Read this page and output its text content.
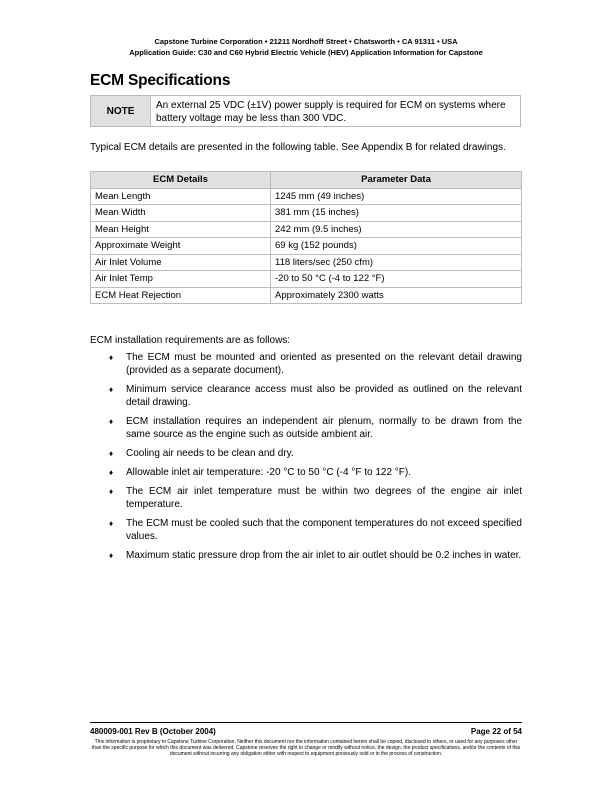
Capstone Turbine Corporation • 21211 Nordhoff Street • Chatsworth • CA 91311 • USA
Application Guide: C30 and C60 Hybrid Electric Vehicle (HEV) Application Information for Capstone
ECM Specifications
NOTE	An external 25 VDC (±1V) power supply is required for ECM on systems where battery voltage may be less than 300 VDC.
Typical ECM details are presented in the following table. See Appendix B for related drawings.
ECM Details	Parameter Data
Mean Length	1245 mm (49 inches)
Mean Width	381 mm (15 inches)
Mean Height	242 mm (9.5 inches)
Approximate Weight	69 kg (152 pounds)
Air Inlet Volume	118 liters/sec (250 cfm)
Air Inlet Temp	-20 to 50 °C (-4 to 122 °F)
ECM Heat Rejection	Approximately 2300 watts
ECM installation requirements are as follows:
♦ The ECM must be mounted and oriented as presented on the relevant detail drawing (provided as a separate document).
♦ Minimum service clearance access must also be provided as outlined on the relevant detail drawing.
♦ ECM installation requires an independent air plenum, normally to be drawn from the same source as the engine such as outside ambient air.
♦ Cooling air needs to be clean and dry.
♦ Allowable inlet air temperature: -20 °C to 50 °C (-4 °F to 122 °F).
♦ The ECM air inlet temperature must be within two degrees of the engine air inlet temperature.
♦ The ECM must be cooled such that the component temperatures do not exceed specified values.
♦ Maximum static pressure drop from the air inlet to air outlet should be 0.2 inches in water.
480009-001 Rev B (October 2004)	Page 22 of 54
This information is proprietary to Capstone Turbine Corporation. Neither this document nor the information contained herein shall be copied, disclosed to others, or used for any purposes other than the specific purpose for which this document was delivered. Capstone reserves the right to change or modify without notice, the design, the product specifications, and/or the contents of this document without incurring any obligation either with respect to equipment previously sold or in the process of construction.
